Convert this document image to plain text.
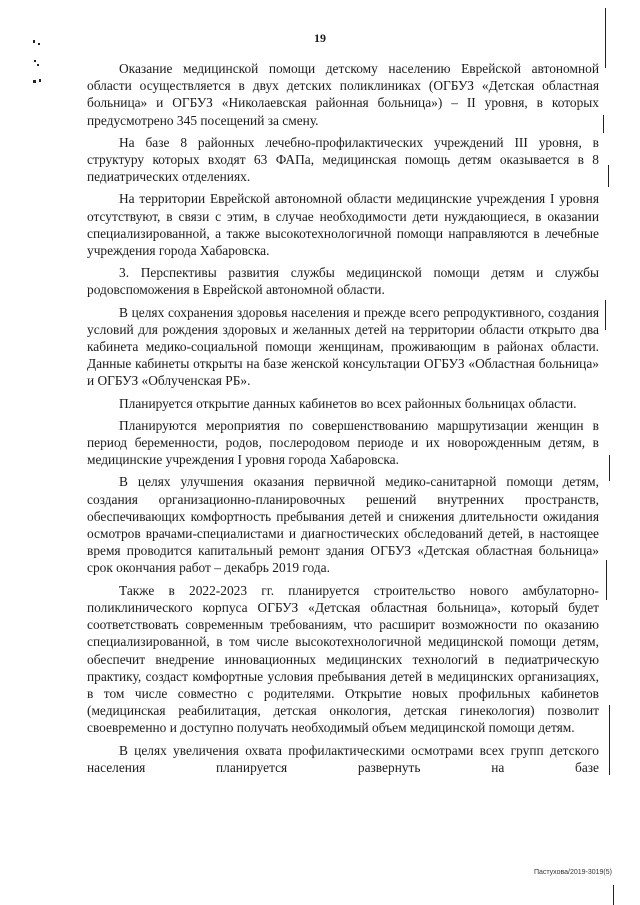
19

Оказание медицинской помощи детскому населению Еврейской автономной области осуществляется в двух детских поликлиниках (ОГБУЗ «Детская областная больница» и ОГБУЗ «Николаевская районная больница») – II уровня, в которых предусмотрено 345 посещений за смену.

На базе 8 районных лечебно-профилактических учреждений III уровня, в структуру которых входят 63 ФАПа, медицинская помощь детям оказывается в 8 педиатрических отделениях.

На территории Еврейской автономной области медицинские учреждения I уровня отсутствуют, в связи с этим, в случае необходимости дети нуждающиеся, в оказании специализированной, а также высокотехнологичной помощи направляются в лечебные учреждения города Хабаровска.

3. Перспективы развития службы медицинской помощи детям и службы родовспоможения в Еврейской автономной области.

В целях сохранения здоровья населения и прежде всего репродуктивного, создания условий для рождения здоровых и желанных детей на территории области открыто два кабинета медико-социальной помощи женщинам, проживающим в районах области. Данные кабинеты открыты на базе женской консультации ОГБУЗ «Областная больница» и ОГБУЗ «Облученская РБ».

Планируется открытие данных кабинетов во всех районных больницах области.

Планируются мероприятия по совершенствованию маршрутизации женщин в период беременности, родов, послеродовом периоде и их новорожденным детям, в медицинские учреждения I уровня города Хабаровска.

В целях улучшения оказания первичной медико-санитарной помощи детям, создания организационно-планировочных решений внутренних пространств, обеспечивающих комфортность пребывания детей и снижения длительности ожидания осмотров врачами-специалистами и диагностических обследований детей, в настоящее время проводится капитальный ремонт здания ОГБУЗ «Детская областная больница» срок окончания работ – декабрь 2019 года.

Также в 2022-2023 гг. планируется строительство нового амбулаторно-поликлинического корпуса ОГБУЗ «Детская областная больница», который будет соответствовать современным требованиям, что расширит возможности по оказанию специализированной, в том числе высокотехнологичной медицинской помощи детям, обеспечит внедрение инновационных медицинских технологий в педиатрическую практику, создаст комфортные условия пребывания детей в медицинских организациях, в том числе совместно с родителями. Открытие новых профильных кабинетов (медицинская реабилитация, детская онкология, детская гинекология) позволит своевременно и доступно получать необходимый объем медицинской помощи детям.

В целях увеличения охвата профилактическими осмотрами всех групп детского населения планируется развернуть на базе

Пастухова/2019-3019(5)
